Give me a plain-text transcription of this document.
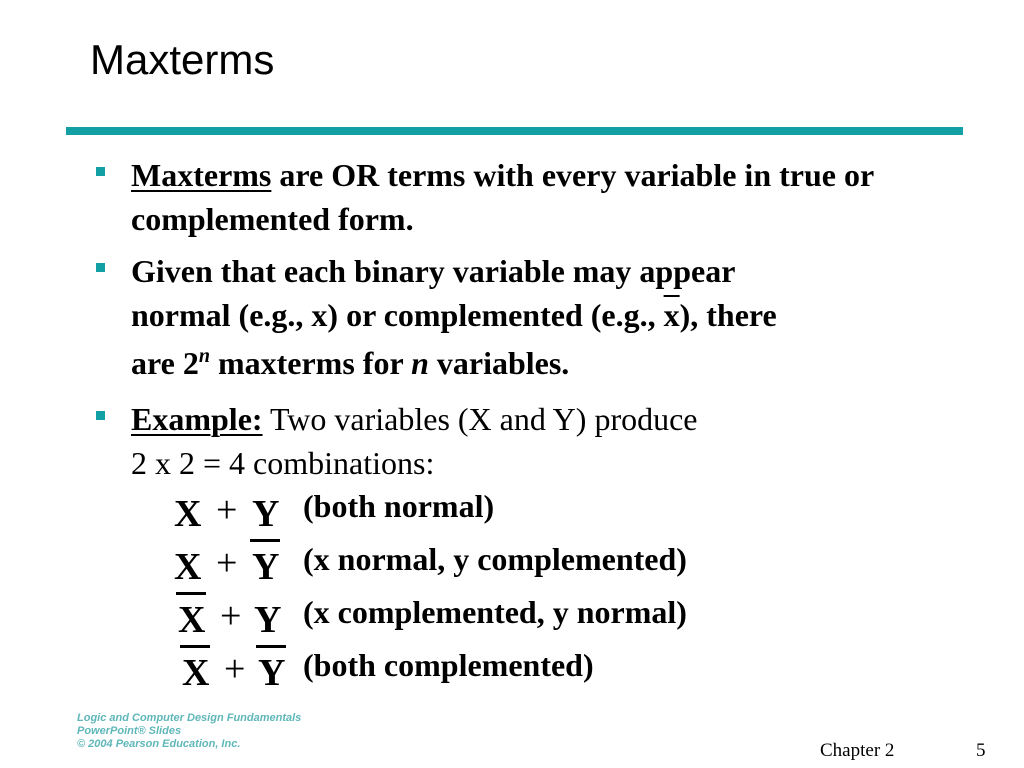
Maxterms
Maxterms are OR terms with every variable in true or complemented form.
Given that each binary variable may appear
normal (e.g., x) or complemented (e.g., $\overline{x}$), there
are 2$^n$ maxterms for n variables.
Example: Two variables (X and Y) produce
2 x 2 = 4 combinations:
X + Y (both normal)
X + Y (x normal, y complemented)
X + Y (x complemented, y normal)
X + Y (both complemented)
Logic and Computer Design Fundamentals
PowerPoint® Slides
© 2004 Pearson Education, Inc.	Chapter 2	5
